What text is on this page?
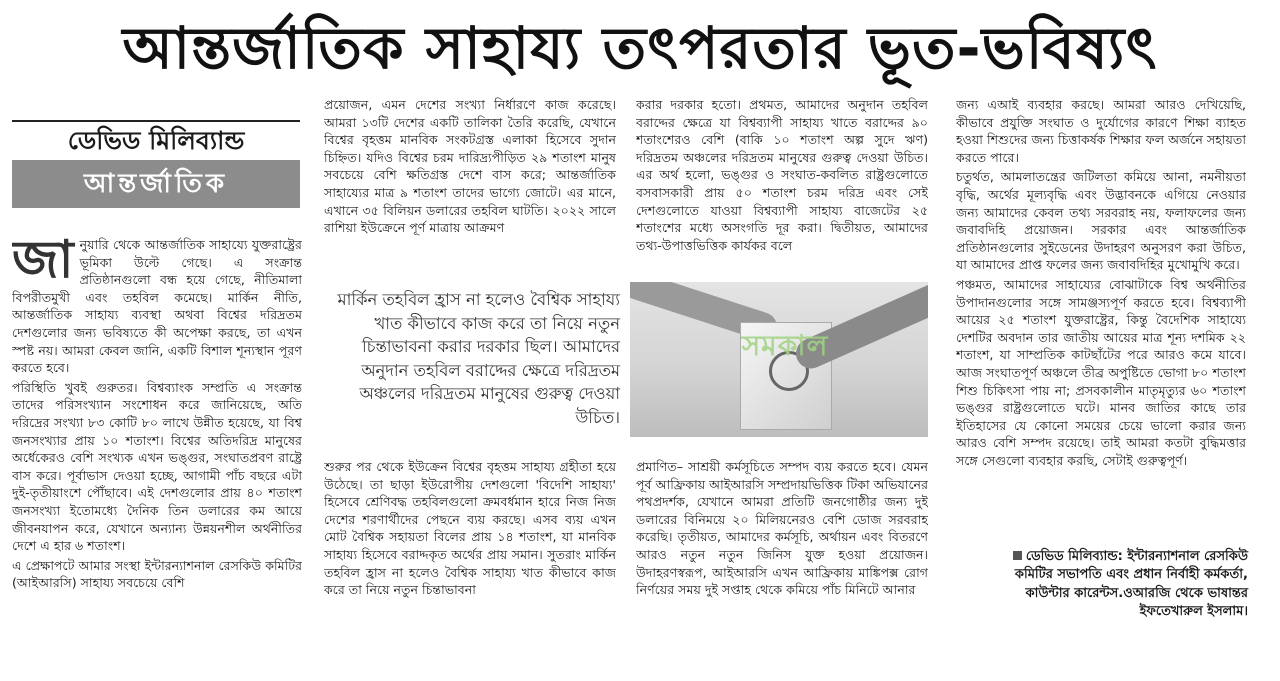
আন্তর্জাতিক সাহায্য তৎপরতার ভূত-ভবিষ্যৎ
ডেভিড মিলিব্যান্ড
আন্তর্জাতিক

জানুয়ারি থেকে আন্তর্জাতিক সাহায্যে যুক্তরাষ্ট্রের ভূমিকা উল্টে গেছে। এ সংক্রান্ত প্রতিষ্ঠানগুলো বন্ধ হয়ে গেছে, নীতিমালা বিপরীতমুখী এবং তহবিল কমেছে। মার্কিন নীতি, আন্তর্জাতিক সাহায্য ব্যবস্থা অথবা বিশ্বের দরিদ্রতম দেশগুলোর জন্য ভবিষ্যতে কী অপেক্ষা করছে, তা এখন স্পষ্ট নয়। আমরা কেবল জানি, একটি বিশাল শূন্যস্থান পূরণ করতে হবে।

পরিস্থিতি খুবই গুরুতর। বিশ্বব্যাংক সম্প্রতি এ সংক্রান্ত তাদের পরিসংখ্যান সংশোধন করে জানিয়েছে, অতি দরিদ্রের সংখ্যা ৮৩ কোটি ৮০ লাখে উন্নীত হয়েছে, যা বিশ্ব জনসংখ্যার প্রায় ১০ শতাংশ। বিশ্বের অতিদরিদ্র মানুষের অর্ধেকেরও বেশি সংখ্যক এখন ভঙ্গুর, সংঘাতপ্রবণ রাষ্ট্রে বাস করে। পূর্বাভাস দেওয়া হচ্ছে, আগামী পাঁচ বছরে এটা দুই-তৃতীয়াংশে পৌঁছাবে। এই দেশগুলোর প্রায় ৪০ শতাংশ জনসংখ্যা ইতোমধ্যে দৈনিক তিন ডলারের কম আয়ে জীবনযাপন করে, যেখানে অন্যান্য উন্নয়নশীল অর্থনীতির দেশে এ হার ৬ শতাংশ।

এ প্রেক্ষাপটে আমার সংস্থা ইন্টারন্যাশনাল রেসকিউ কমিটির (আইআরসি) সাহায্য সবচেয়ে বেশি

প্রয়োজন, এমন দেশের সংখ্যা নির্ধারণে কাজ করেছে। আমরা ১৩টি দেশের একটি তালিকা তৈরি করেছি, যেখানে বিশ্বের বৃহত্তম মানবিক সংকটগ্রস্ত এলাকা হিসেবে সুদান চিহ্নিত। যদিও বিশ্বের চরম দারিদ্র্যপীড়িত ২৯ শতাংশ মানুষ সবচেয়ে বেশি ক্ষতিগ্রস্ত দেশে বাস করে; আন্তর্জাতিক সাহায্যের মাত্র ৯ শতাংশ তাদের ভাগ্যে জোটে। এর মানে, এখানে ৩৫ বিলিয়ন ডলারের তহবিল ঘাটতি। ২০২২ সালে রাশিয়া ইউক্রেনে পূর্ণ মাত্রায় আক্রমণ

মার্কিন তহবিল হ্রাস না হলেও বৈশ্বিক সাহায্য খাত কীভাবে কাজ করে তা নিয়ে নতুন চিন্তাভাবনা করার দরকার ছিল। আমাদের অনুদান তহবিল বরাদ্দের ক্ষেত্রে দরিদ্রতম অঞ্চলের দরিদ্রতম মানুষের গুরুত্ব দেওয়া উচিত।

শুরুর পর থেকে ইউক্রেন বিশ্বের বৃহত্তম সাহায্য গ্রহীতা হয়ে উঠেছে। তা ছাড়া ইউরোপীয় দেশগুলো 'বিদেশি সাহায্য' হিসেবে শ্রেণিবদ্ধ তহবিলগুলো ক্রমবর্ধমান হারে নিজ নিজ দেশের শরণার্থীদের পেছনে ব্যয় করছে। এসব ব্যয় এখন মোট বৈশ্বিক সহায়তা বিলের প্রায় ১৪ শতাংশ, যা মানবিক সাহায্য হিসেবে বরাদ্দকৃত অর্থের প্রায় সমান। সুতরাং মার্কিন তহবিল হ্রাস না হলেও বৈশ্বিক সাহায্য খাত কীভাবে কাজ করে তা নিয়ে নতুন চিন্তাভাবনা

করার দরকার হতো। প্রথমত, আমাদের অনুদান তহবিল বরাদ্দের ক্ষেত্রে যা বিশ্বব্যাপী সাহায্য খাতে বরাদ্দের ৯০ শতাংশেরও বেশি (বাকি ১০ শতাংশ অল্প সুদে ঋণ) দরিদ্রতম অঞ্চলের দরিদ্রতম মানুষের গুরুত্ব দেওয়া উচিত। এর অর্থ হলো, ভঙ্গুর ও সংঘাত-কবলিত রাষ্ট্রগুলোতে বসবাসকারী প্রায় ৫০ শতাংশ চরম দরিদ্র এবং সেই দেশগুলোতে যাওয়া বিশ্বব্যাপী সাহায্য বাজেটের ২৫ শতাংশের মধ্যে অসংগতি দূর করা। দ্বিতীয়ত, আমাদের তথ্য-উপাত্তভিত্তিক কার্যকর বলে

সমকাল

প্রমাণিত– সাশ্রয়ী কর্মসূচিতে সম্পদ ব্যয় করতে হবে। যেমন পূর্ব আফ্রিকায় আইআরসি সম্প্রদায়ভিত্তিক টিকা অভিযানের পথপ্রদর্শক, যেখানে আমরা প্রতিটি জনগোষ্ঠীর জন্য দুই ডলারের বিনিময়ে ২০ মিলিয়নেরও বেশি ডোজ সরবরাহ করেছি। তৃতীয়ত, আমাদের কর্মসূচি, অর্থায়ন এবং বিতরণে আরও নতুন নতুন জিনিস যুক্ত হওয়া প্রয়োজন। উদাহরণস্বরূপ, আইআরসি এখন আফ্রিকায় মাঙ্কিপক্স রোগ নির্ণয়ের সময় দুই সপ্তাহ থেকে কমিয়ে পাঁচ মিনিটে আনার

জন্য এআই ব্যবহার করছে। আমরা আরও দেখিয়েছি, কীভাবে প্রযুক্তি সংঘাত ও দুর্যোগের কারণে শিক্ষা ব্যাহত হওয়া শিশুদের জন্য চিত্তাকর্ষক শিক্ষার ফল অর্জনে সহায়তা করতে পারে।

চতুর্থত, আমলাতন্ত্রের জটিলতা কমিয়ে আনা, নমনীয়তা বৃদ্ধি, অর্থের মূল্যবৃদ্ধি এবং উদ্ভাবনকে এগিয়ে নেওয়ার জন্য আমাদের কেবল তথ্য সরবরাহ নয়, ফলাফলের জন্য জবাবদিহি প্রয়োজন। সরকার এবং আন্তর্জাতিক প্রতিষ্ঠানগুলোর সুইডেনের উদাহরণ অনুসরণ করা উচিত, যা আমাদের প্রাপ্ত ফলের জন্য জবাবদিহির মুখোমুখি করে।

পঞ্চমত, আমাদের সাহায্যের বোঝাটাকে বিশ্ব অর্থনীতির উপাদানগুলোর সঙ্গে সামঞ্জস্যপূর্ণ করতে হবে। বিশ্বব্যাপী আয়ের ২৫ শতাংশ যুক্তরাষ্ট্রের, কিন্তু বৈদেশিক সাহায্যে দেশটির অবদান তার জাতীয় আয়ের মাত্র শূন্য দশমিক ২২ শতাংশ, যা সাম্প্রতিক কাটছাঁটের পরে আরও কমে যাবে। আজ সংঘাতপূর্ণ অঞ্চলে তীব্র অপুষ্টিতে ভোগা ৮০ শতাংশ শিশু চিকিৎসা পায় না; প্রসবকালীন মাতৃমৃত্যুর ৬০ শতাংশ ভঙ্গুর রাষ্ট্রগুলোতে ঘটে। মানব জাতির কাছে তার ইতিহাসের যে কোনো সময়ের চেয়ে ভালো করার জন্য আরও বেশি সম্পদ রয়েছে। তাই আমরা কতটা বুদ্ধিমত্তার সঙ্গে সেগুলো ব্যবহার করছি, সেটাই গুরুত্বপূর্ণ।

ডেভিড মিলিব্যান্ড: ইন্টারন্যাশনাল রেসকিউ কমিটির সভাপতি এবং প্রধান নির্বাহী কর্মকর্তা, কাউন্টার কারেন্টস.ওআরজি থেকে ভাষান্তর ইফতেখারুল ইসলাম।
